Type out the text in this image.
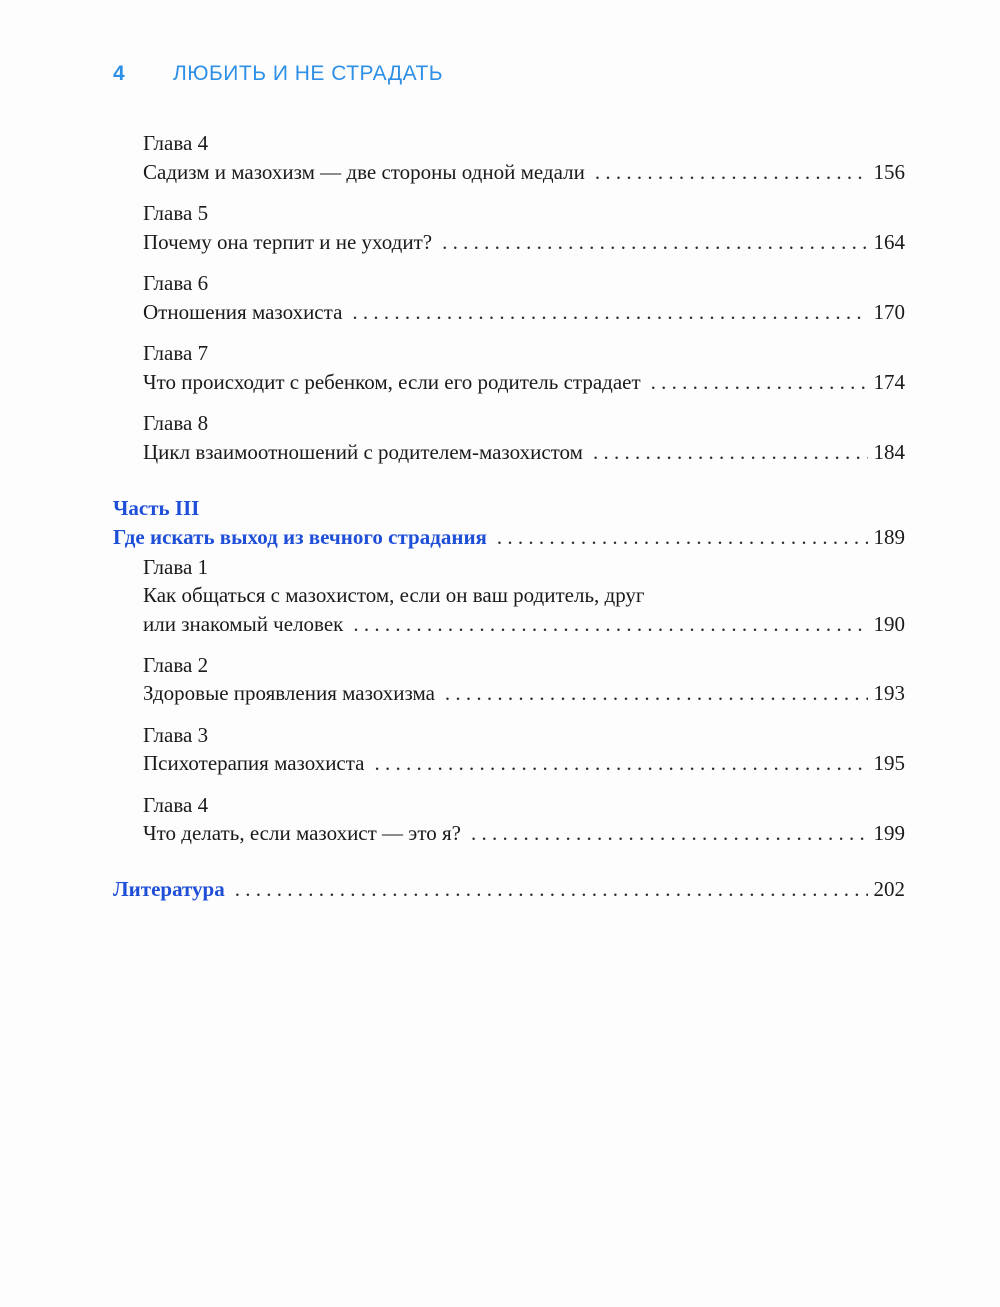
4 ЛЮБИТЬ И НЕ СТРАДАТЬ
Глава 4
Садизм и мазохизм — две стороны одной медали . . .	156
Глава 5
Почему она терпит и не уходит? . . .	164
Глава 6
Отношения мазохиста . . .	170
Глава 7
Что происходит с ребенком, если его родитель страдает . . .	174
Глава 8
Цикл взаимоотношений с родителем-мазохистом . . .	184
Часть III
Где искать выход из вечного страдания . . .	189
Глава 1
Как общаться с мазохистом, если он ваш родитель, друг
или знакомый человек . . .	190
Глава 2
Здоровые проявления мазохизма . . .	193
Глава 3
Психотерапия мазохиста . . .	195
Глава 4
Что делать, если мазохист — это я? . . .	199
Литература . . .	202
